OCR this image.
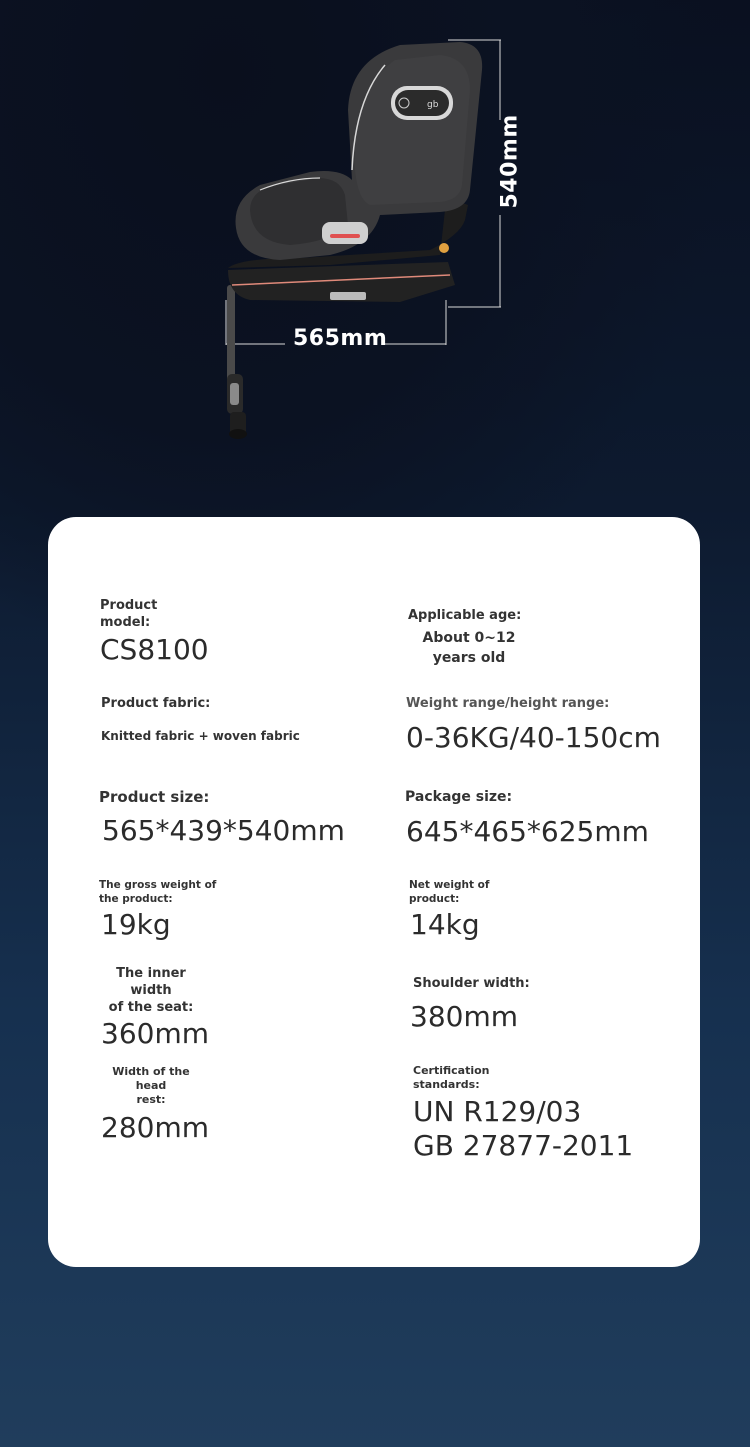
gb
565mm
540mm
Product
model:
CS8100
Applicable age:
About 0~12
years old
Product fabric:
Knitted fabric + woven fabric
Weight range/height range:
0-36KG/40-150cm
Product size:
565*439*540mm
Package size:
645*465*625mm
The gross weight of
the product:
19kg
Net weight of
product:
14kg
The inner width
of the seat:
360mm
Shoulder width:
380mm
Width of the head
rest:
280mm
Certification
standards:
UN R129/03
GB 27877-2011
